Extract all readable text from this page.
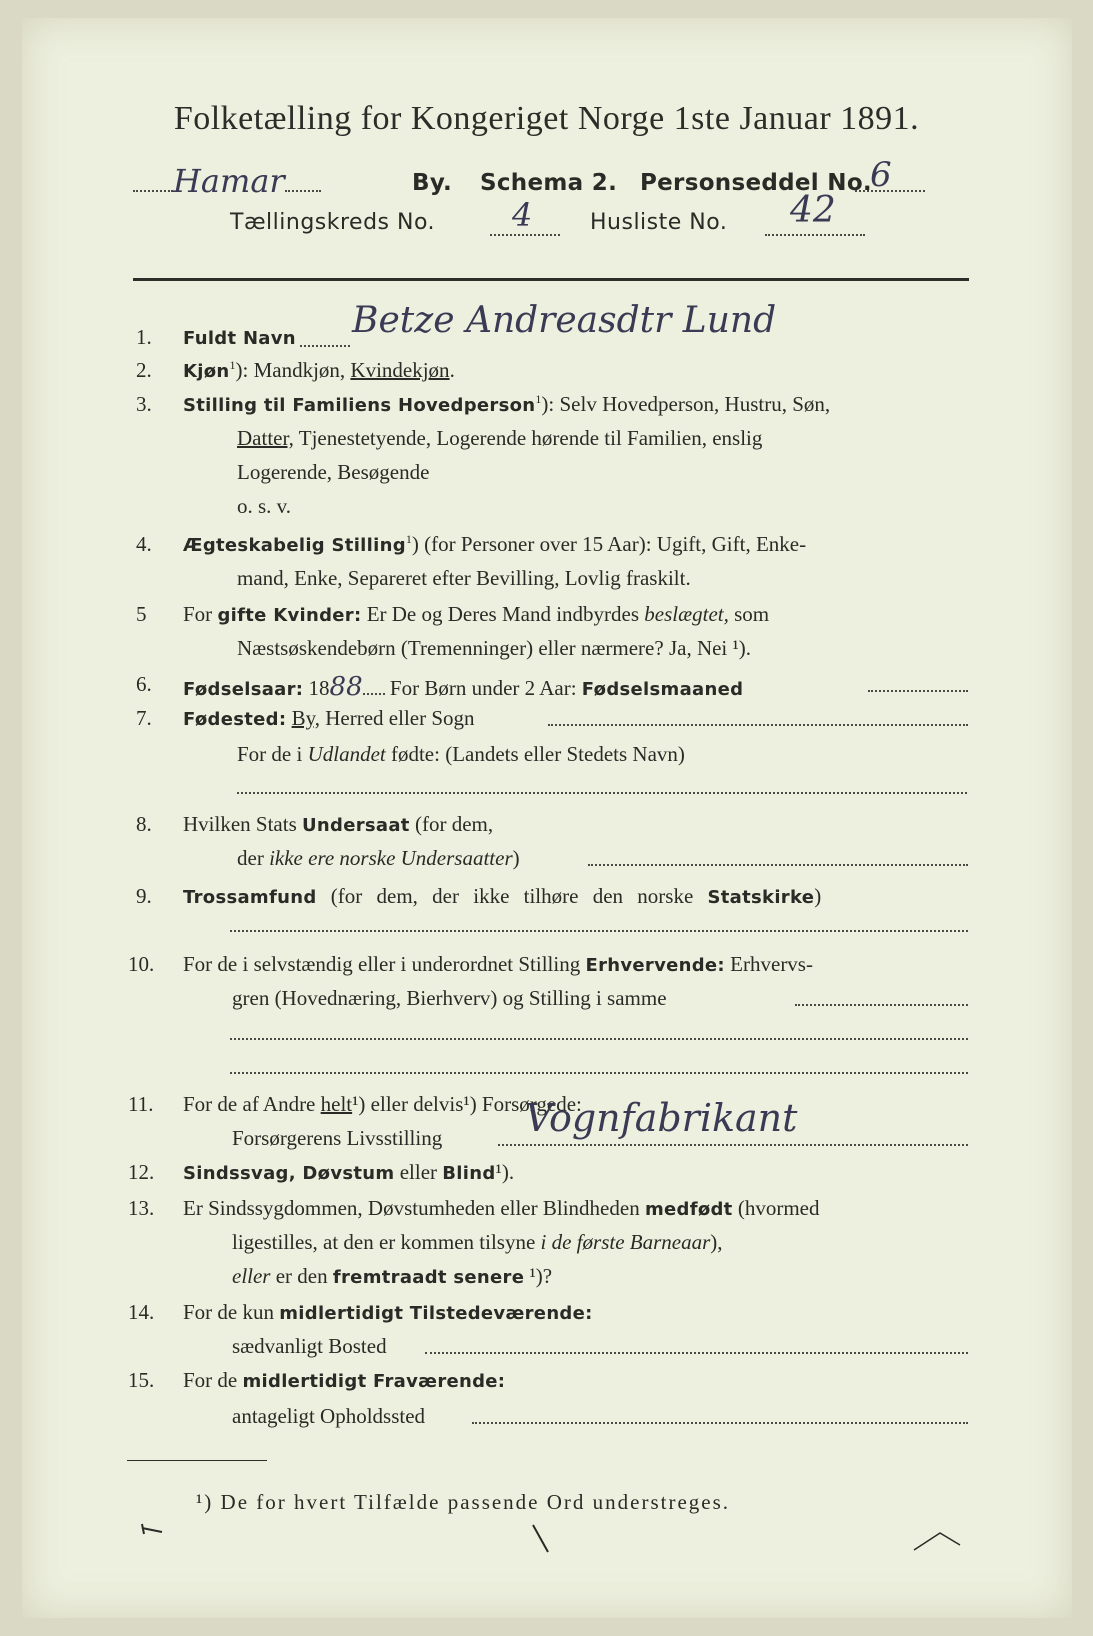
Folketælling for Kongeriget Norge 1ste Januar 1891.
Hamar	By. Schema 2. Personseddel No.
6
Tællingskreds No. 4	Husliste No. 42
1. Fuldt Navn Betze Andreasdtr Lund
2. Kjøn$^1$): Mandkjøn, Kvindekjøn.
3. Stilling til Familiens Hovedperson$^1$): Selv Hovedperson, Hustru, Søn,
Datter, Tjenestetyende, Logerende hørende til Familien, enslig
Logerende, Besøgende
o. s. v.
4. Ægteskabelig Stilling$^1$) (for Personer over 15 Aar): Ugift, Gift, Enke-
mand, Enke, Separeret efter Bevilling, Lovlig fraskilt.
5 For gifte Kvinder: Er De og Deres Mand indbyrdes beslægtet, som
Næstsøskendebørn (Tremenninger) eller nærmere? Ja, Nei ¹).
6. Fødselsaar: 1888 For Børn under 2 Aar: Fødselsmaaned
7. Fødested: By, Herred eller Sogn
For de i Udlandet fødte: (Landets eller Stedets Navn)
8. Hvilken Stats Undersaat (for dem,
der ikke ere norske Undersaatter)
9. Trossamfund (for dem, der ikke tilhøre den norske Statskirke)
10. For de i selvstændig eller i underordnet Stilling Erhvervende: Erhvervs-
gren (Hovednæring, Bierhverv) og Stilling i samme
11. For de af Andre helt¹) eller delvis¹) Forsørgede:
Forsørgerens Livsstilling Vognfabrikant
12. Sindssvag, Døvstum eller Blind¹).
13. Er Sindssygdommen, Døvstumheden eller Blindheden medfødt (hvormed
ligestilles, at den er kommen tilsyne i de første Barneaar),
eller er den fremtraadt senere ¹)?
14. For de kun midlertidigt Tilstedeværende:
sædvanligt Bosted
15. For de midlertidigt Fraværende:
antageligt Opholdssted
¹) De for hvert Tilfælde passende Ord understreges.
